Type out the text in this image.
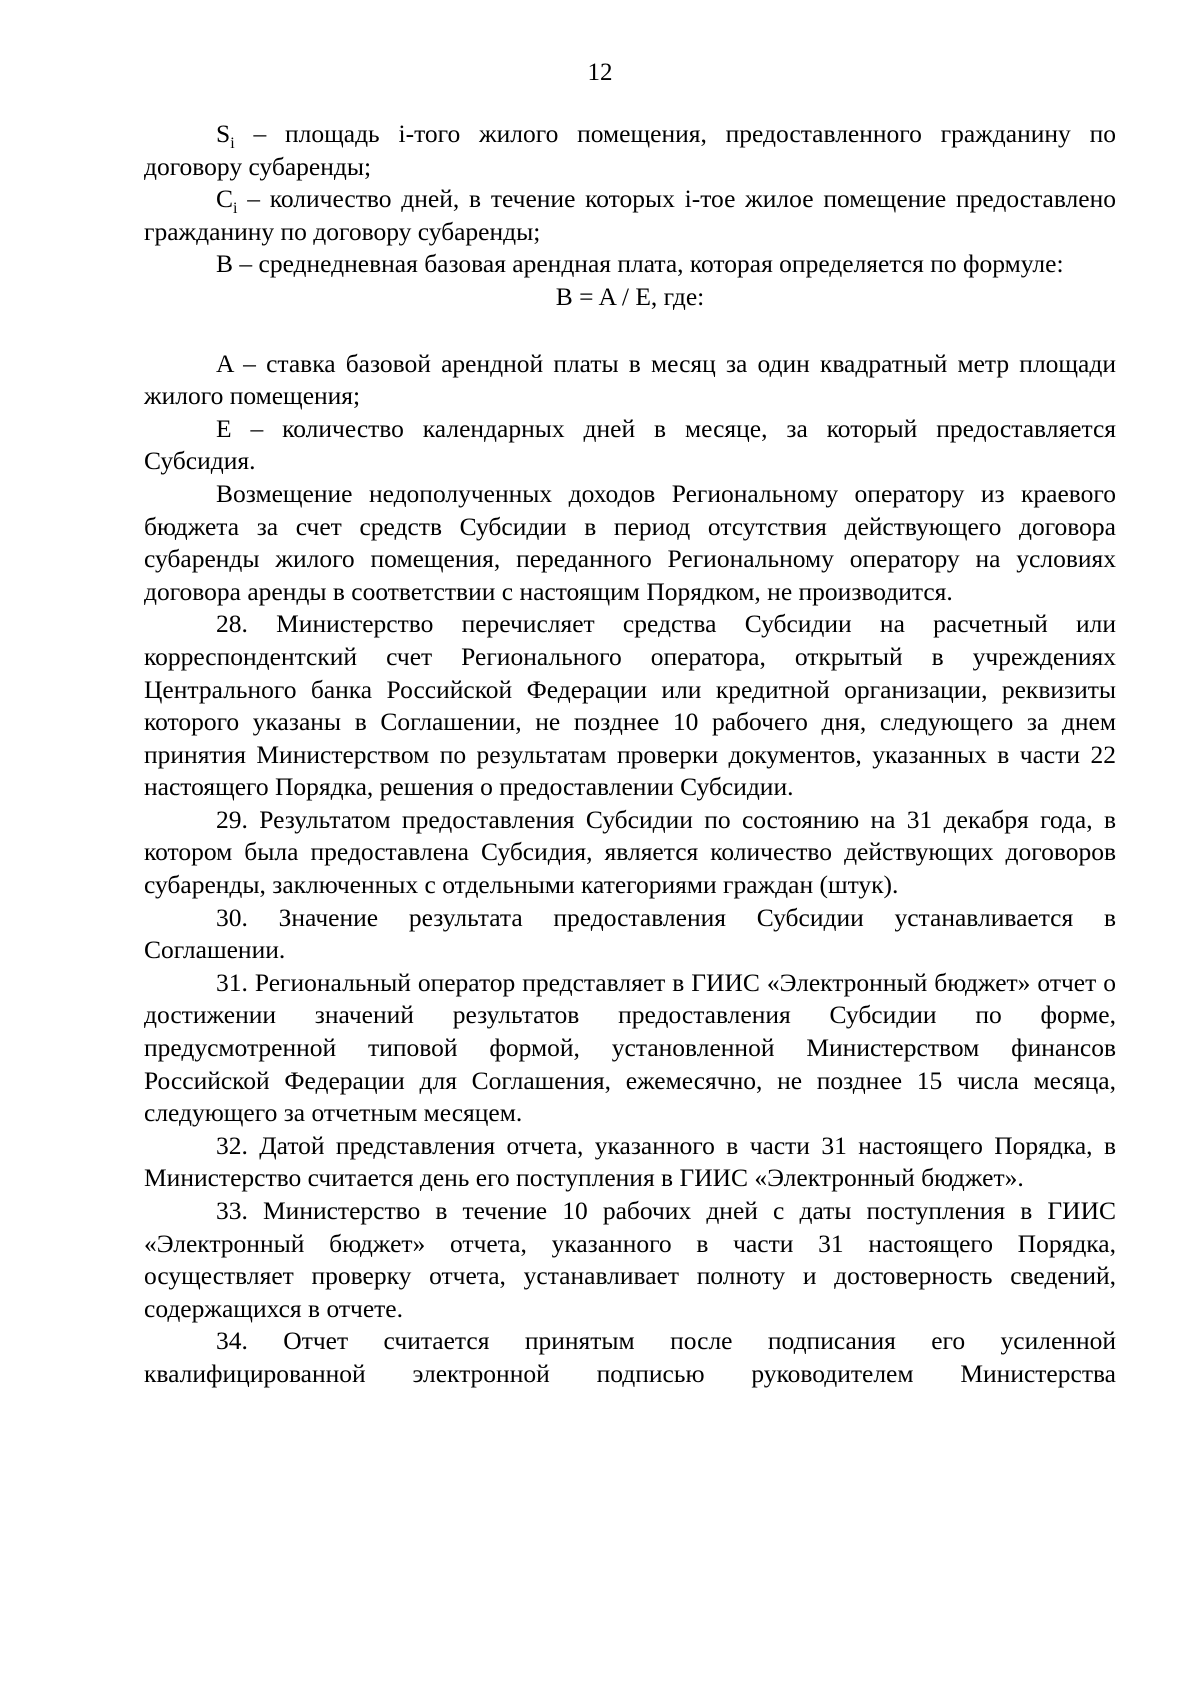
12

$S_i$ – площадь i-того жилого помещения, предоставленного гражданину по договору субаренды;

$C_i$ – количество дней, в течение которых i-тое жилое помещение предоставлено гражданину по договору субаренды;

B – среднедневная базовая арендная плата, которая определяется по формуле:

B = A / E, где:

A – ставка базовой арендной платы в месяц за один квадратный метр площади жилого помещения;

E – количество календарных дней в месяце, за который предоставляется Субсидия.

Возмещение недополученных доходов Региональному оператору из краевого бюджета за счет средств Субсидии в период отсутствия действующего договора субаренды жилого помещения, переданного Региональному оператору на условиях договора аренды в соответствии с настоящим Порядком, не производится.

28. Министерство перечисляет средства Субсидии на расчетный или корреспондентский счет Регионального оператора, открытый в учреждениях Центрального банка Российской Федерации или кредитной организации, реквизиты которого указаны в Соглашении, не позднее 10 рабочего дня, следующего за днем принятия Министерством по результатам проверки документов, указанных в части 22 настоящего Порядка, решения о предоставлении Субсидии.

29. Результатом предоставления Субсидии по состоянию на 31 декабря года, в котором была предоставлена Субсидия, является количество действующих договоров субаренды, заключенных с отдельными категориями граждан (штук).

30. Значение результата предоставления Субсидии устанавливается в Соглашении.

31. Региональный оператор представляет в ГИИС «Электронный бюджет» отчет о достижении значений результатов предоставления Субсидии по форме, предусмотренной типовой формой, установленной Министерством финансов Российской Федерации для Соглашения, ежемесячно, не позднее 15 числа месяца, следующего за отчетным месяцем.

32. Датой представления отчета, указанного в части 31 настоящего Порядка, в Министерство считается день его поступления в ГИИС «Электронный бюджет».

33. Министерство в течение 10 рабочих дней с даты поступления в ГИИС «Электронный бюджет» отчета, указанного в части 31 настоящего Порядка, осуществляет проверку отчета, устанавливает полноту и достоверность сведений, содержащихся в отчете.

34. Отчет считается принятым после подписания его усиленной квалифицированной электронной подписью руководителем Министерства
